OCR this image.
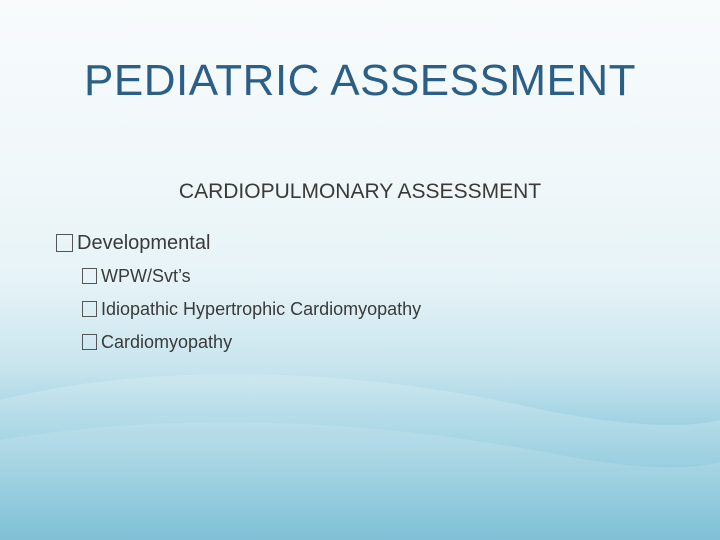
PEDIATRIC ASSESSMENT
CARDIOPULMONARY ASSESSMENT
Developmental
WPW/Svt’s
Idiopathic Hypertrophic Cardiomyopathy
Cardiomyopathy
